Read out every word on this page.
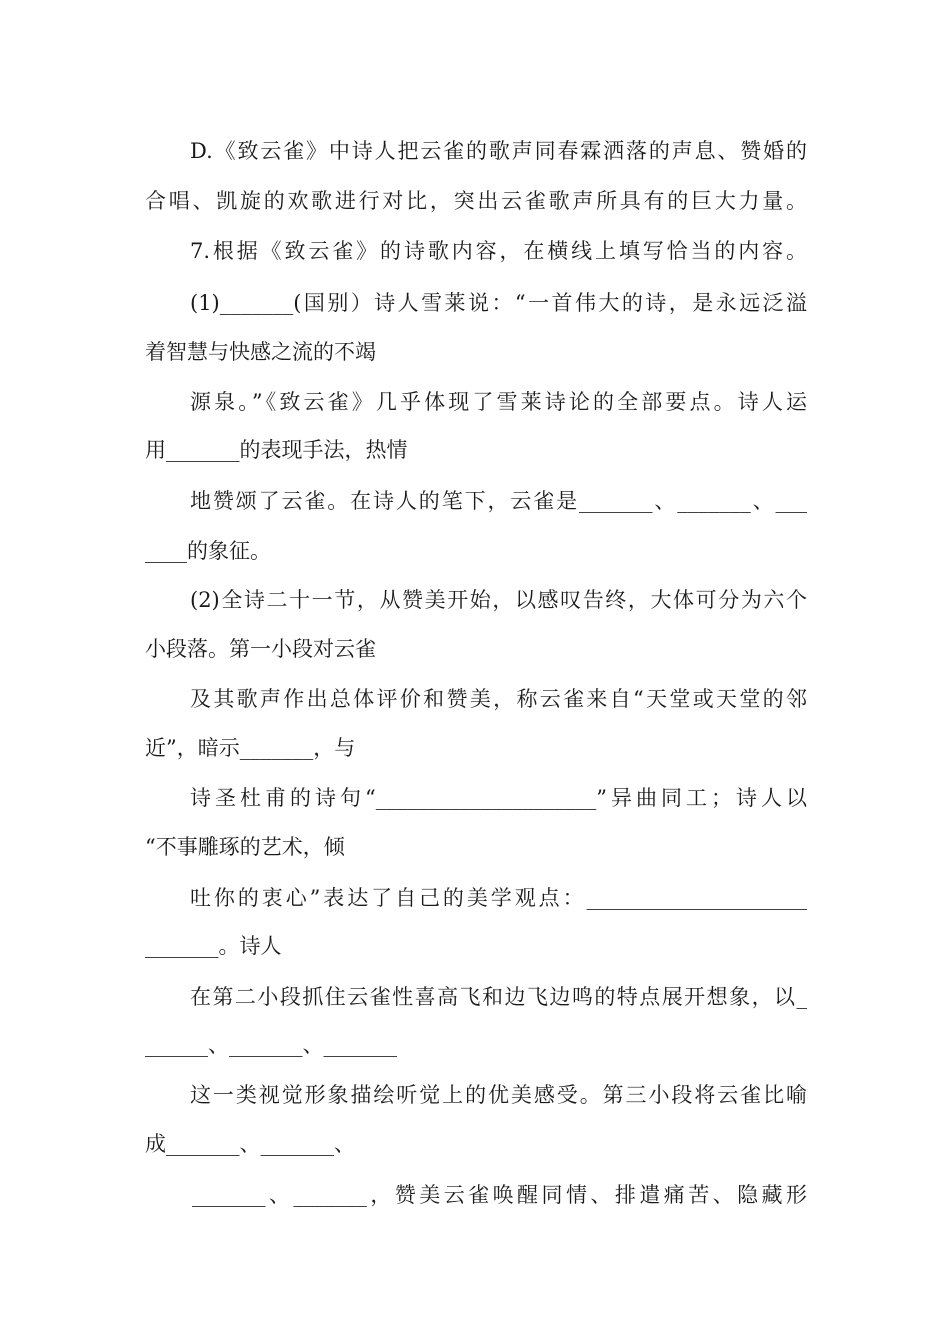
D.《致云雀》中诗人把云雀的歌声同春霖洒落的声息、赞婚的
合唱、凯旋的欢歌进行对比，突出云雀歌声所具有的巨大力量。
7.根据《致云雀》的诗歌内容，在横线上填写恰当的内容。
(1)_______(国别）诗人雪莱说：“一首伟大的诗，是永远泛溢
着智慧与快感之流的不竭
源泉。”《致云雀》几乎体现了雪莱诗论的全部要点。诗人运
用_______的表现手法，热情
地赞颂了云雀。在诗人的笔下，云雀是_______、_______、___
____的象征。
(2)全诗二十一节，从赞美开始，以感叹告终，大体可分为六个
小段落。第一小段对云雀
及其歌声作出总体评价和赞美，称云雀来自“天堂或天堂的邻
近”，暗示_______，与
诗圣杜甫的诗句“_____________________”异曲同工；诗人以
“不事雕琢的艺术，倾
吐你的衷心”表达了自己的美学观点：_____________________
_______。诗人
在第二小段抓住云雀性喜高飞和边飞边鸣的特点展开想象，以_
______、_______、_______
这一类视觉形象描绘听觉上的优美感受。第三小段将云雀比喻
成_______、_______、
_______、_______，赞美云雀唤醒同情、排遣痛苦、隐藏形
